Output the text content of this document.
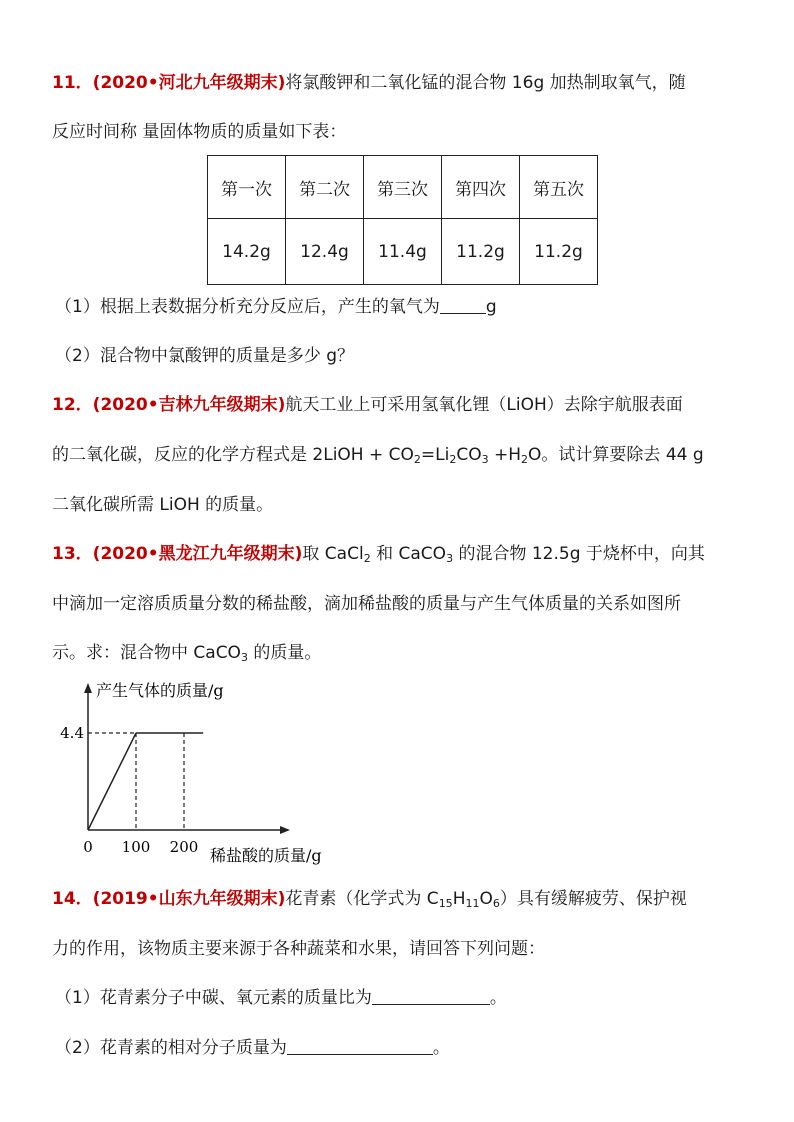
11．(2020•河北九年级期末)将氯酸钾和二氧化锰的混合物 16g 加热制取氧气，随
反应时间称 量固体物质的质量如下表：
第一次	第二次	第三次	第四次	第五次
14.2g	12.4g	11.4g	11.2g	11.2g
（1）根据上表数据分析充分反应后，产生的氧气为	g
（2）混合物中氯酸钾的质量是多少 g？
12．(2020•吉林九年级期末)航天工业上可采用氢氧化锂（LiOH）去除宇航服表面
的二氧化碳，反应的化学方程式是 2LiOH + $CO_2=Li_2CO_3 +H_2O$。试计算要除去 44 g
二氧化碳所需 LiOH 的质量。
13．(2020•黑龙江九年级期末)取 CaCl$_2$ 和 CaCO$_3$ 的混合物 12.5g 于烧杯中，向其
中滴加一定溶质质量分数的稀盐酸，滴加稀盐酸的质量与产生气体质量的关系如图所
示。求：混合物中 CaCO$_3$ 的质量。
产生气体的质量/g
稀盐酸的质量/g
0 100 200
4.4
14．(2019•山东九年级期末)花青素（化学式为 $C_{15}H_{11}O_6$）具有缓解疲劳、保护视
力的作用，该物质主要来源于各种蔬菜和水果，请回答下列问题：
（1）花青素分子中碳、氧元素的质量比为	。
（2）花青素的相对分子质量为	。
